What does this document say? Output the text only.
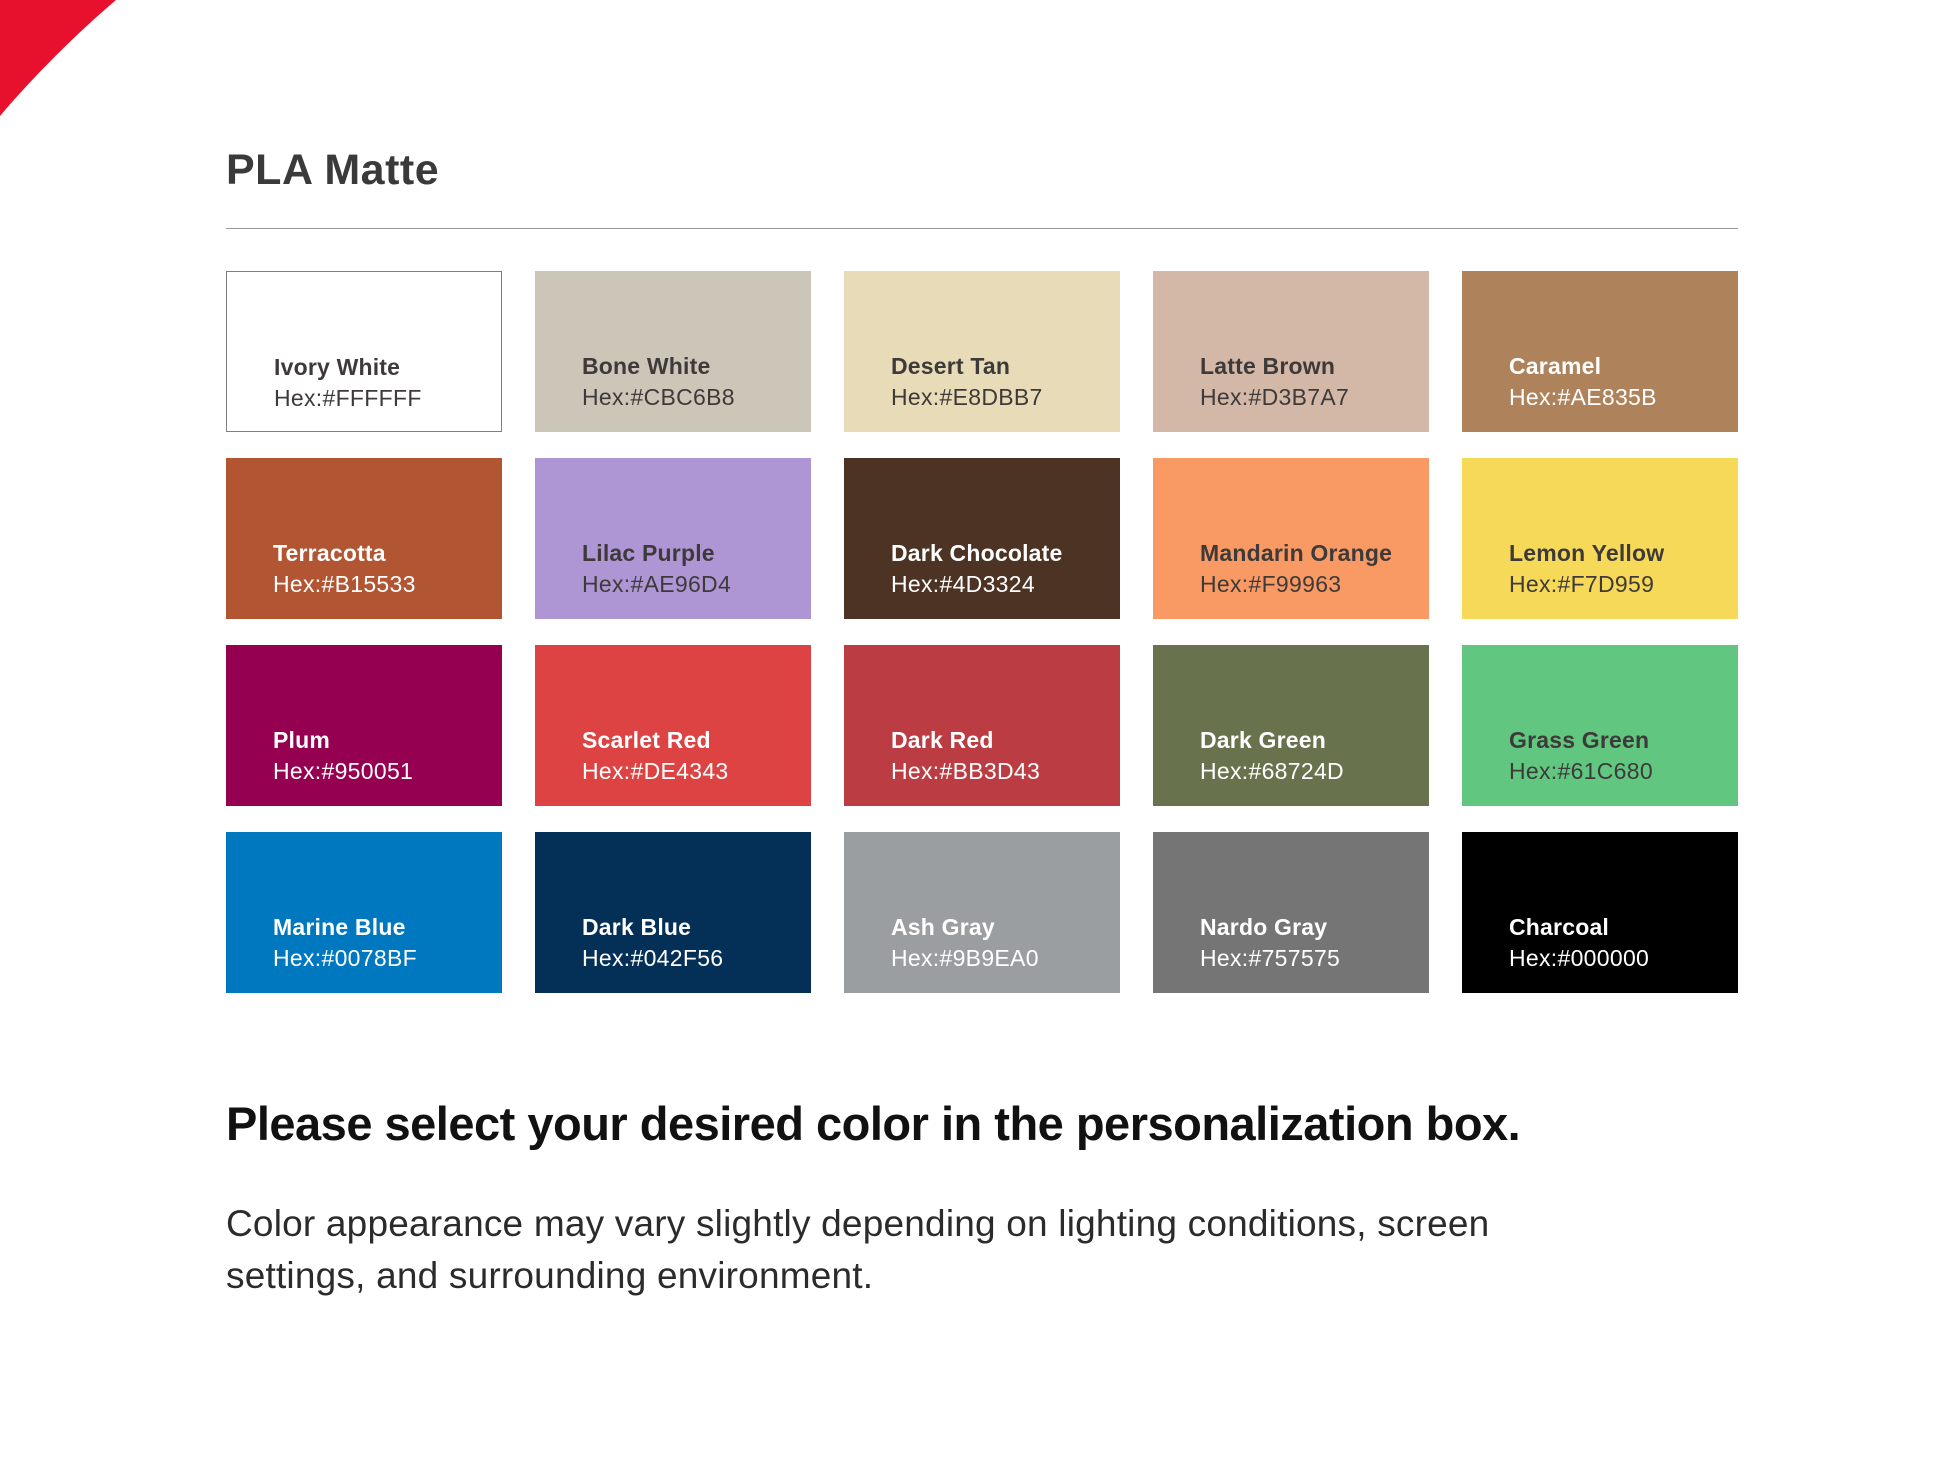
PLA Matte
Ivory White
Hex:#FFFFFF
Bone White
Hex:#CBC6B8
Desert Tan
Hex:#E8DBB7
Latte Brown
Hex:#D3B7A7
Caramel
Hex:#AE835B
Terracotta
Hex:#B15533
Lilac Purple
Hex:#AE96D4
Dark Chocolate
Hex:#4D3324
Mandarin Orange
Hex:#F99963
Lemon Yellow
Hex:#F7D959
Plum
Hex:#950051
Scarlet Red
Hex:#DE4343
Dark Red
Hex:#BB3D43
Dark Green
Hex:#68724D
Grass Green
Hex:#61C680
Marine Blue
Hex:#0078BF
Dark Blue
Hex:#042F56
Ash Gray
Hex:#9B9EA0
Nardo Gray
Hex:#757575
Charcoal
Hex:#000000
Please select your desired color in the personalization box.
Color appearance may vary slightly depending on lighting conditions, screen
settings, and surrounding environment.
